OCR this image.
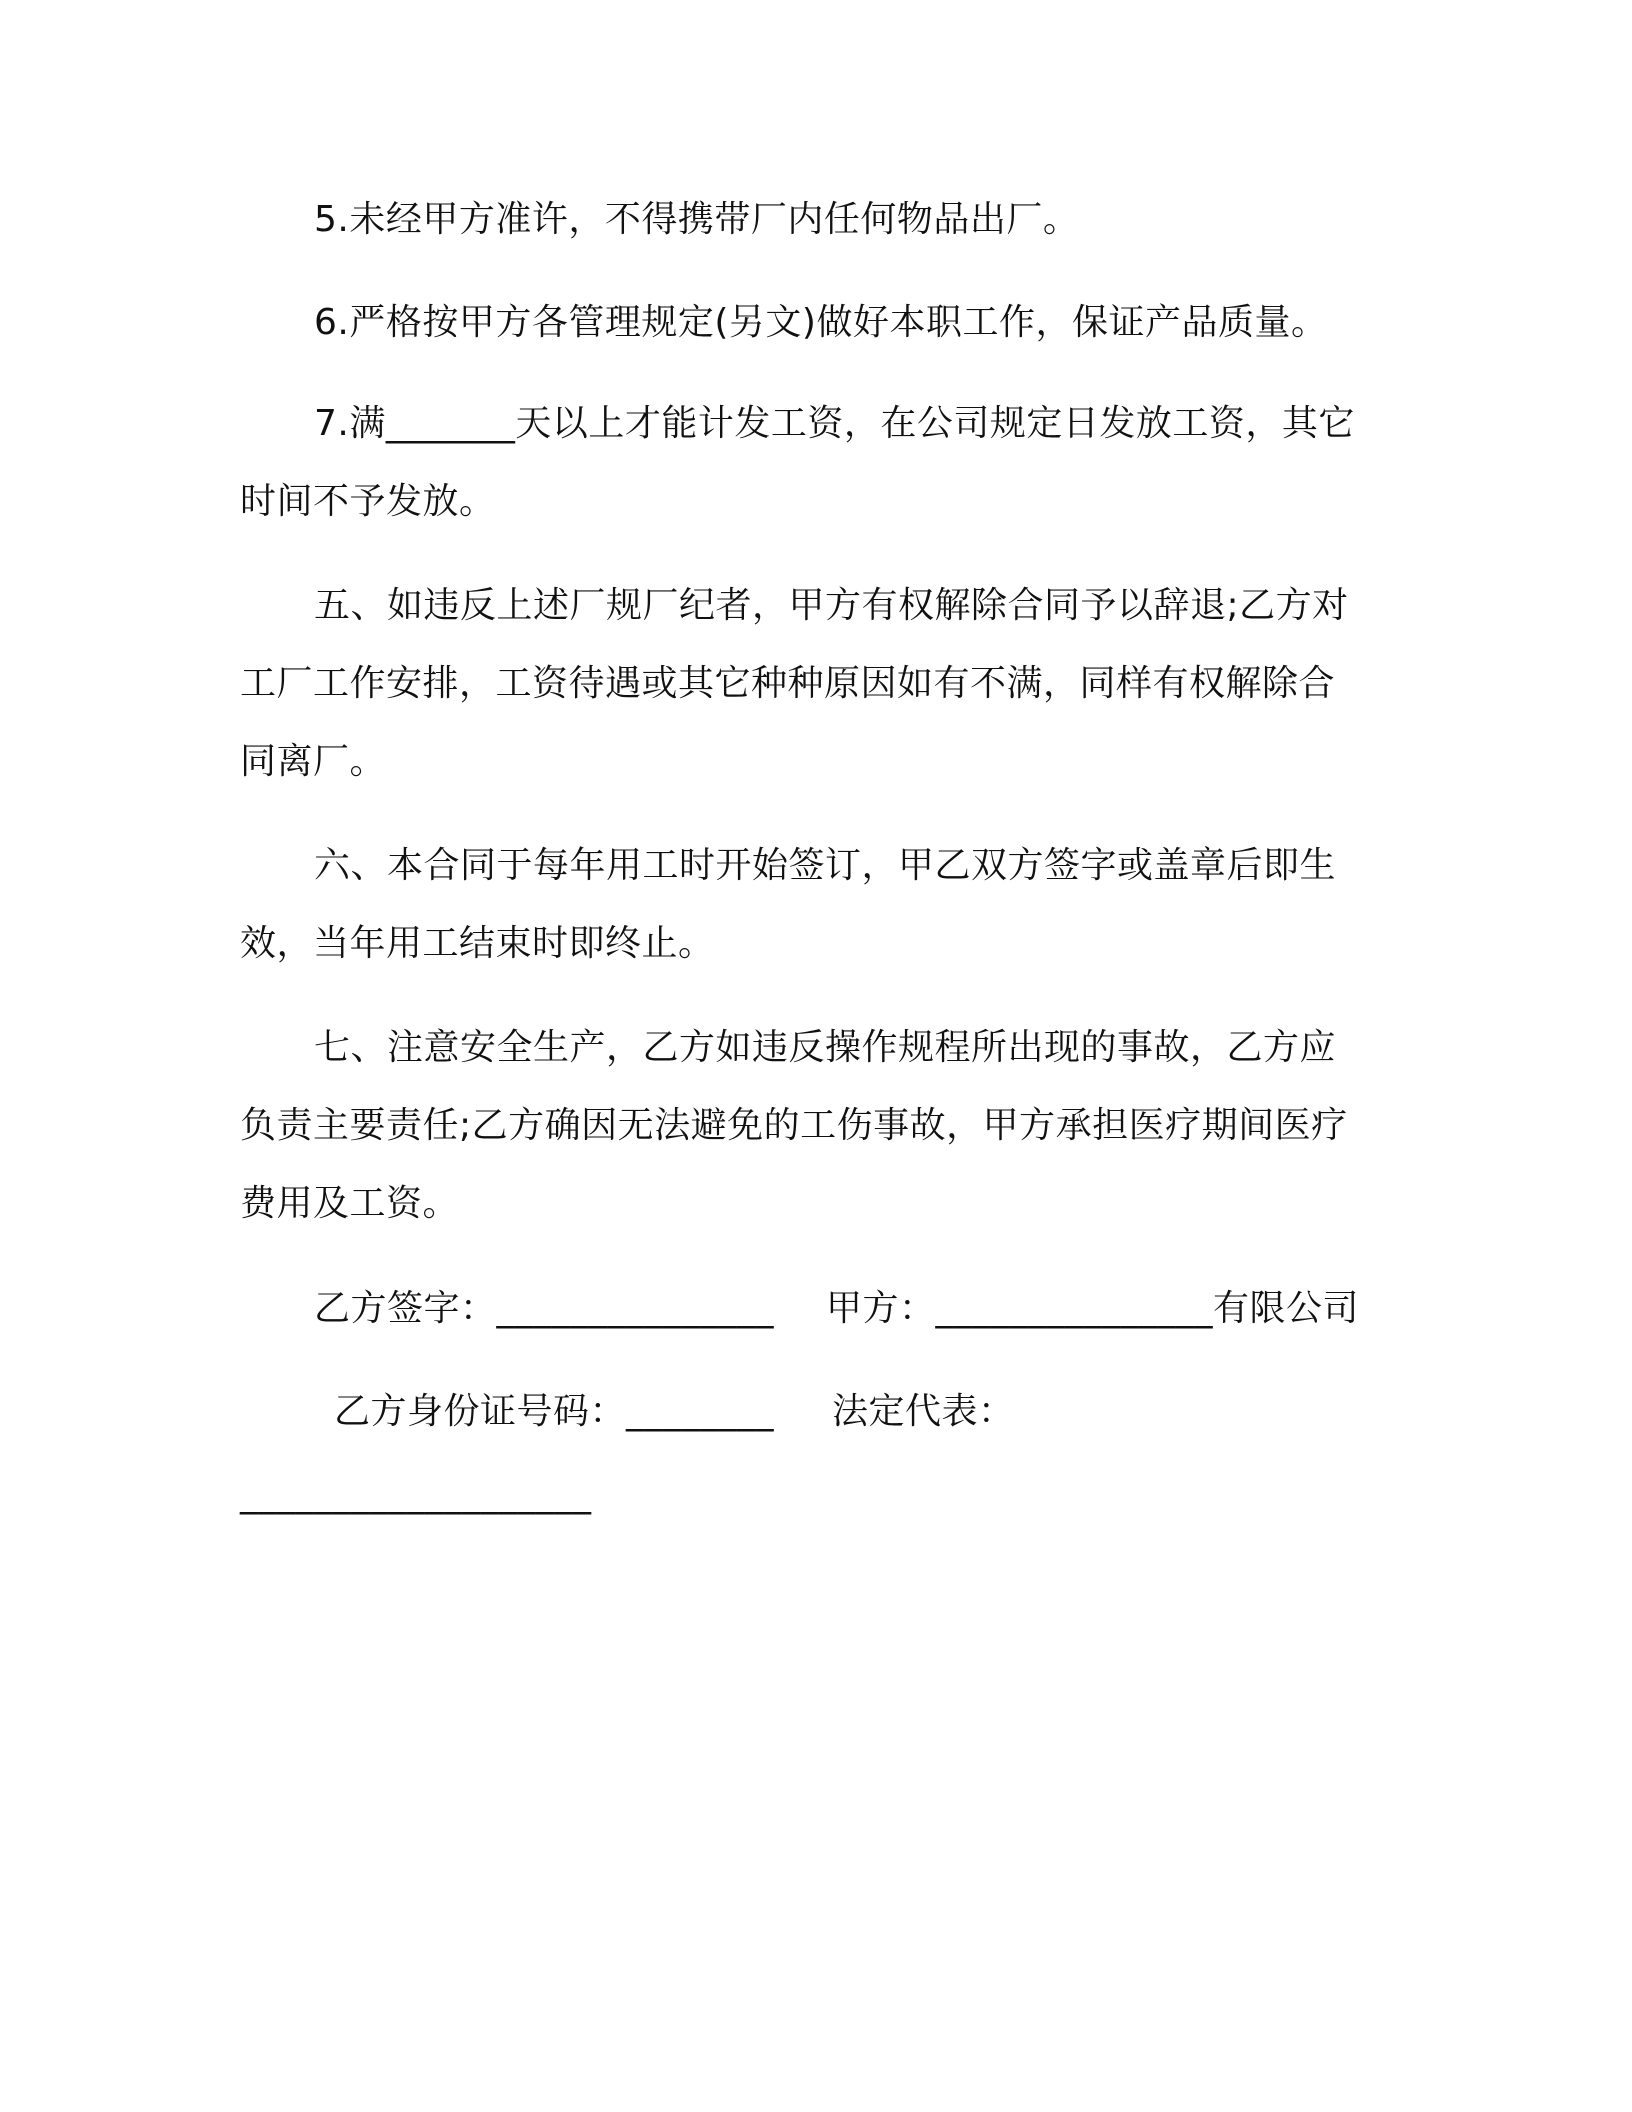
5.未经甲方准许，不得携带厂内任何物品出厂。
6.严格按甲方各管理规定(另文)做好本职工作，保证产品质量。
7.满_______天以上才能计发工资，在公司规定日发放工资，其它
时间不予发放。
五、如违反上述厂规厂纪者，甲方有权解除合同予以辞退;乙方对
工厂工作安排，工资待遇或其它种种原因如有不满，同样有权解除合
同离厂。
六、本合同于每年用工时开始签订，甲乙双方签字或盖章后即生
效，当年用工结束时即终止。
七、注意安全生产，乙方如违反操作规程所出现的事故，乙方应
负责主要责任;乙方确因无法避免的工伤事故，甲方承担医疗期间医疗
费用及工资。
乙方签字：_______________ 甲方：_______________有限公司
乙方身份证号码：________ 法定代表：
___________________
